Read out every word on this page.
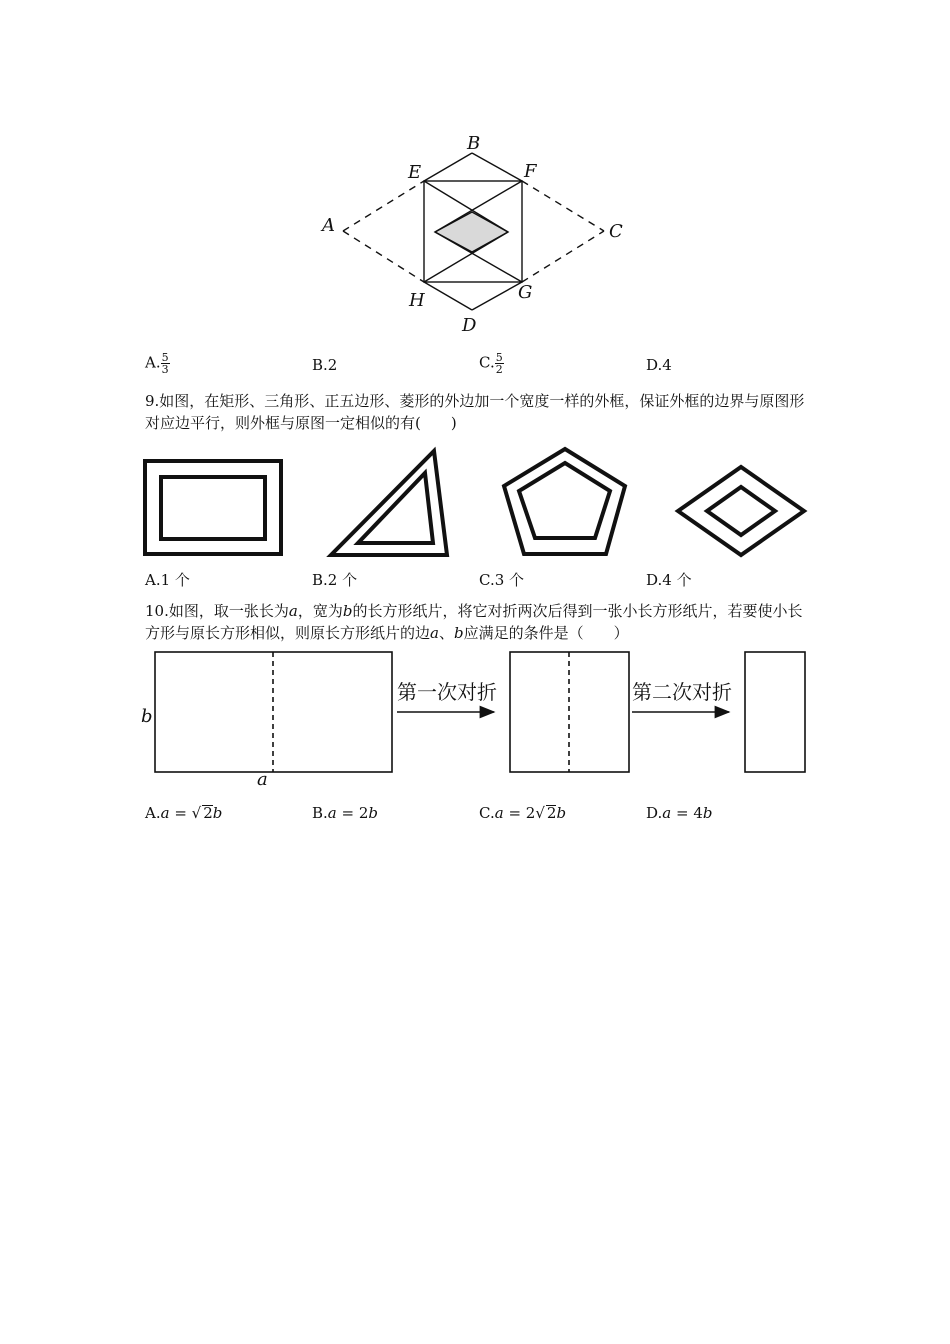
B
E	F
A	C
H	G
D
A. $\frac{5}{3}$	B.2	C. $\frac{5}{2}$	D.4
9.如图，在矩形、三角形、正五边形、菱形的外边加一个宽度一样的外框，保证外框的边界与原图形对应边平行，则外框与原图一定相似的有(　　)
A.1 个	B.2 个	C.3 个	D.4 个
10.如图，取一张长为a，宽为b的长方形纸片，将它对折两次后得到一张小长方形纸片，若要使小长方形与原长方形相似，则原长方形纸片的边a、b应满足的条件是（　　）
b
a
第一次对折	第二次对折
A.a = √ 2b	B.a = 2b	C.a = 2√ 2b	D.a = 4b
